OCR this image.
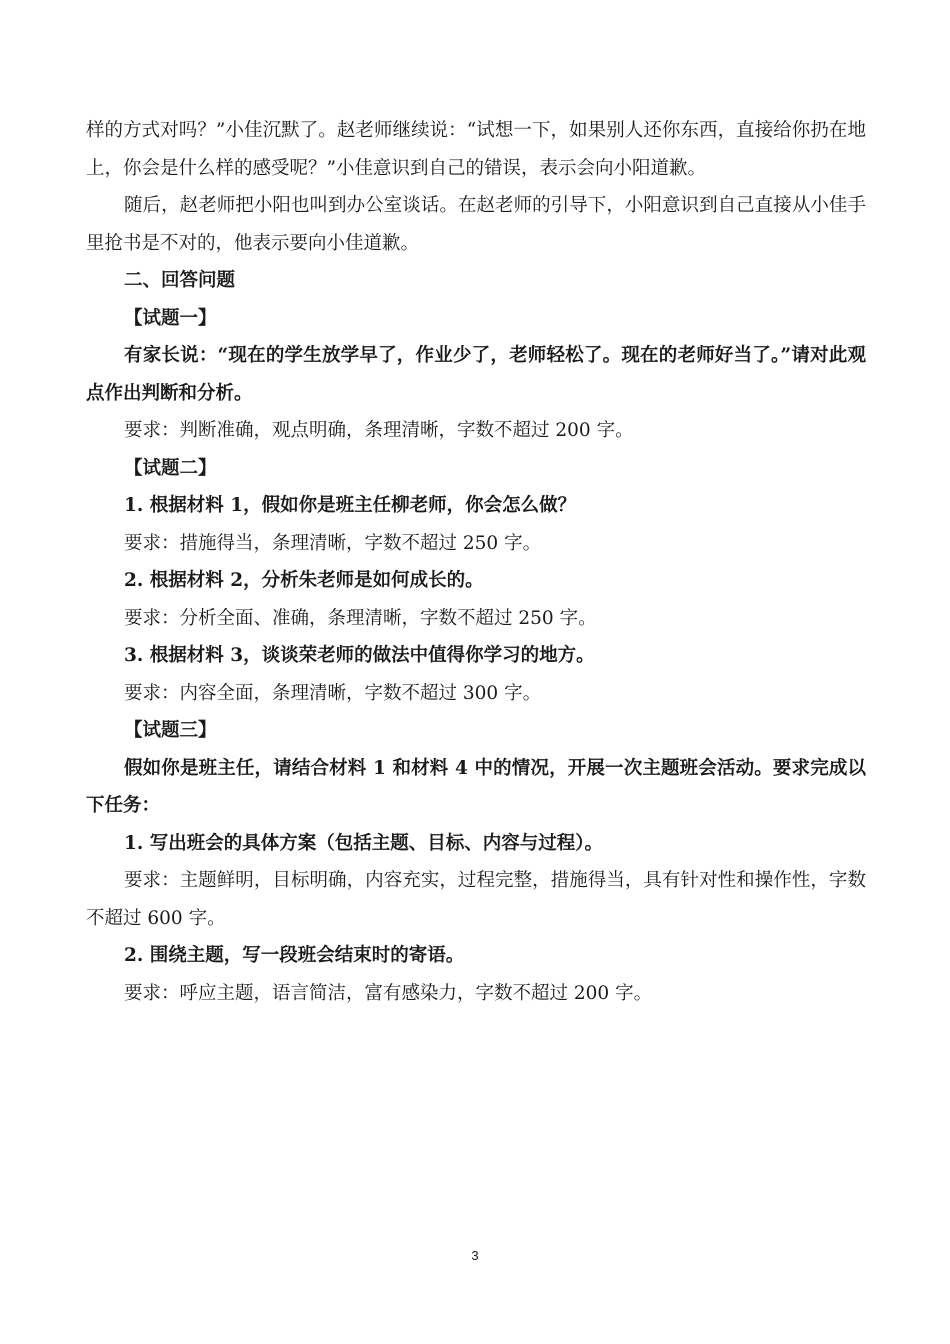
样的方式对吗？”小佳沉默了。赵老师继续说：“试想一下，如果别人还你东西，直接给你扔在地上，你会是什么样的感受呢？”小佳意识到自己的错误，表示会向小阳道歉。

随后，赵老师把小阳也叫到办公室谈话。在赵老师的引导下，小阳意识到自己直接从小佳手里抢书是不对的，他表示要向小佳道歉。

二、回答问题

【试题一】

有家长说：“现在的学生放学早了，作业少了，老师轻松了。现在的老师好当了。”请对此观点作出判断和分析。

要求：判断准确，观点明确，条理清晰，字数不超过 200 字。

【试题二】

1. 根据材料 1，假如你是班主任柳老师，你会怎么做？

要求：措施得当，条理清晰，字数不超过 250 字。

2. 根据材料 2，分析朱老师是如何成长的。

要求：分析全面、准确，条理清晰，字数不超过 250 字。

3. 根据材料 3，谈谈荣老师的做法中值得你学习的地方。

要求：内容全面，条理清晰，字数不超过 300 字。

【试题三】

假如你是班主任，请结合材料 1 和材料 4 中的情况，开展一次主题班会活动。要求完成以下任务：

1. 写出班会的具体方案（包括主题、目标、内容与过程）。

要求：主题鲜明，目标明确，内容充实，过程完整，措施得当，具有针对性和操作性，字数不超过 600 字。

2. 围绕主题，写一段班会结束时的寄语。

要求：呼应主题，语言简洁，富有感染力，字数不超过 200 字。

3
